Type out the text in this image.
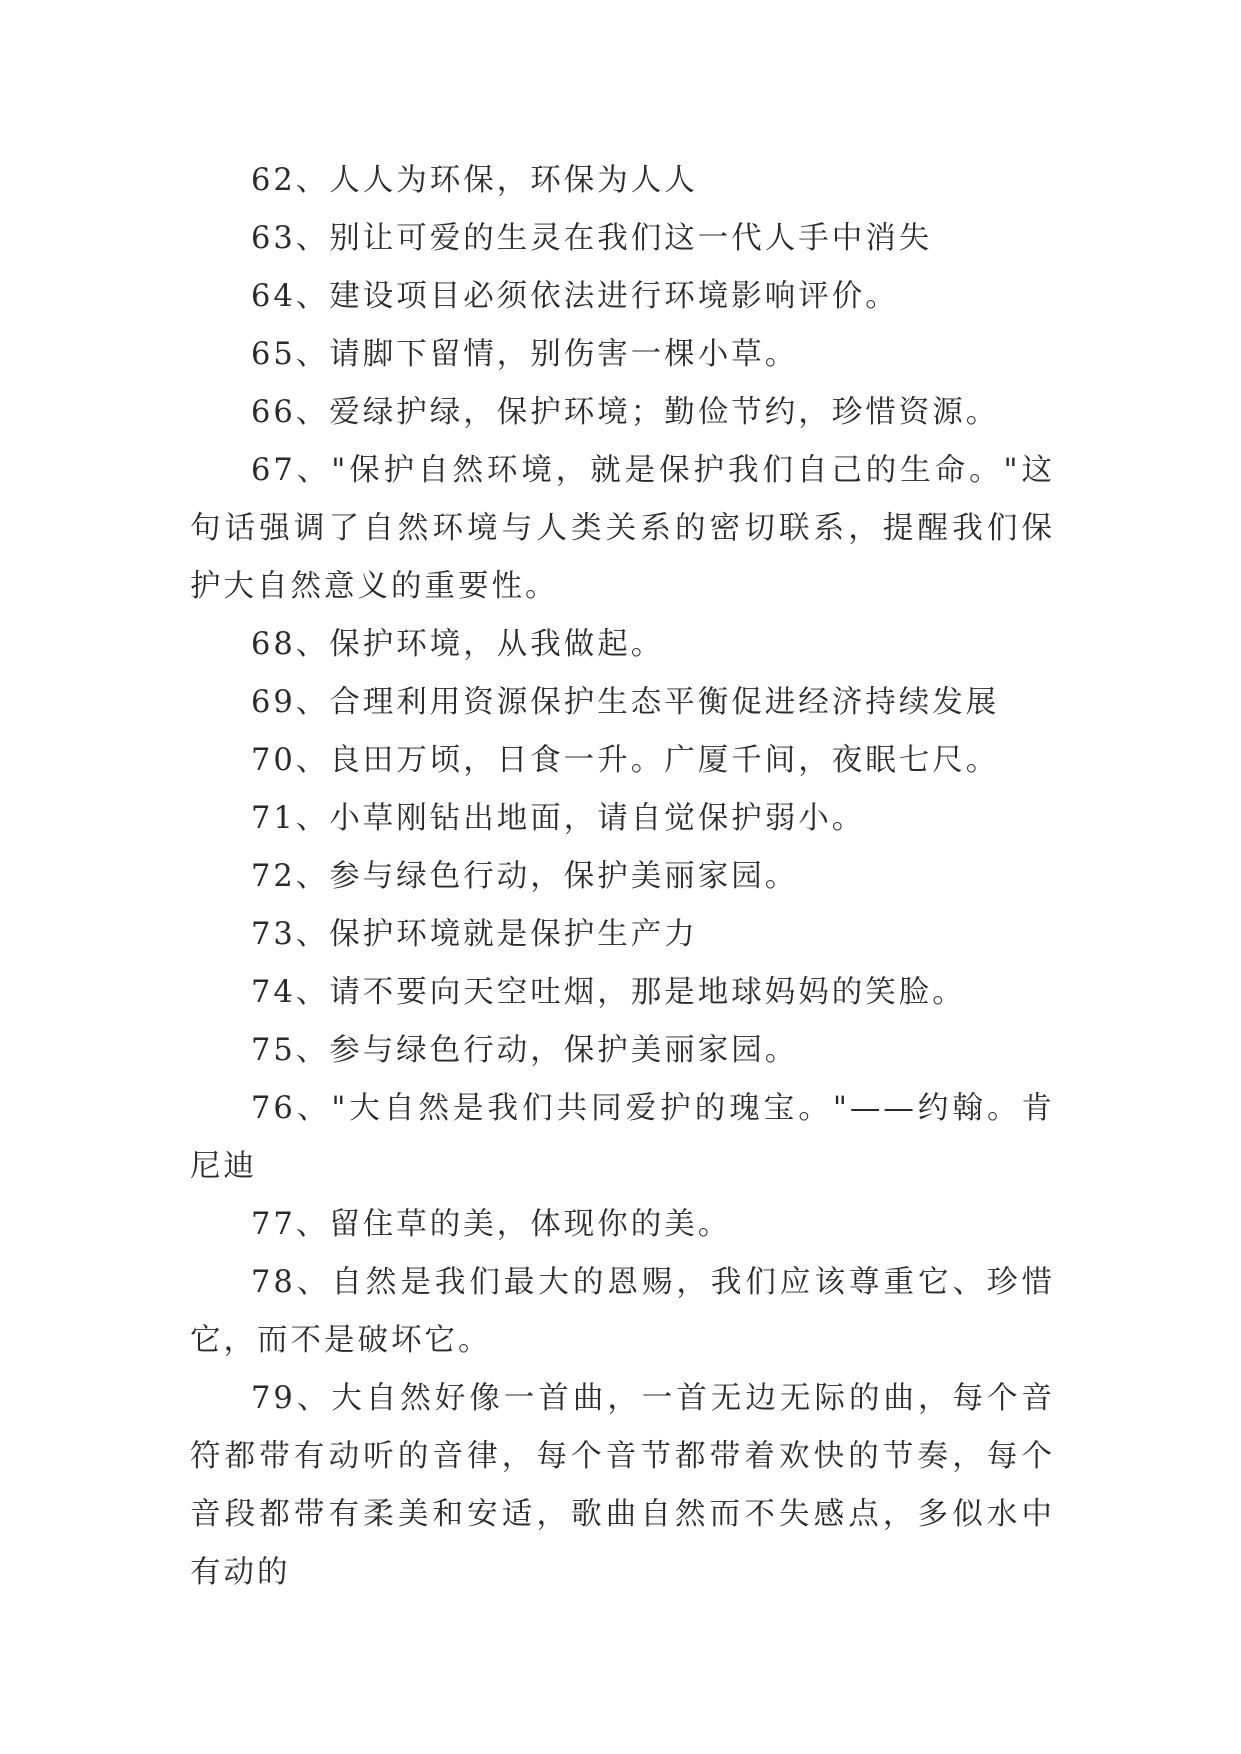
62、人人为环保，环保为人人

63、别让可爱的生灵在我们这一代人手中消失

64、建设项目必须依法进行环境影响评价。

65、请脚下留情，别伤害一棵小草。

66、爱绿护绿，保护环境；勤俭节约，珍惜资源。

67、"保护自然环境，就是保护我们自己的生命。"这句话强调了自然环境与人类关系的密切联系，提醒我们保护大自然意义的重要性。

68、保护环境，从我做起。

69、合理利用资源保护生态平衡促进经济持续发展

70、良田万顷，日食一升。广厦千间，夜眠七尺。

71、小草刚钻出地面，请自觉保护弱小。

72、参与绿色行动，保护美丽家园。

73、保护环境就是保护生产力

74、请不要向天空吐烟，那是地球妈妈的笑脸。

75、参与绿色行动，保护美丽家园。

76、"大自然是我们共同爱护的瑰宝。"——约翰。肯尼迪

77、留住草的美，体现你的美。

78、自然是我们最大的恩赐，我们应该尊重它、珍惜它，而不是破坏它。

79、大自然好像一首曲，一首无边无际的曲，每个音符都带有动听的音律，每个音节都带着欢快的节奏，每个音段都带有柔美和安适，歌曲自然而不失感点，多似水中有动的
